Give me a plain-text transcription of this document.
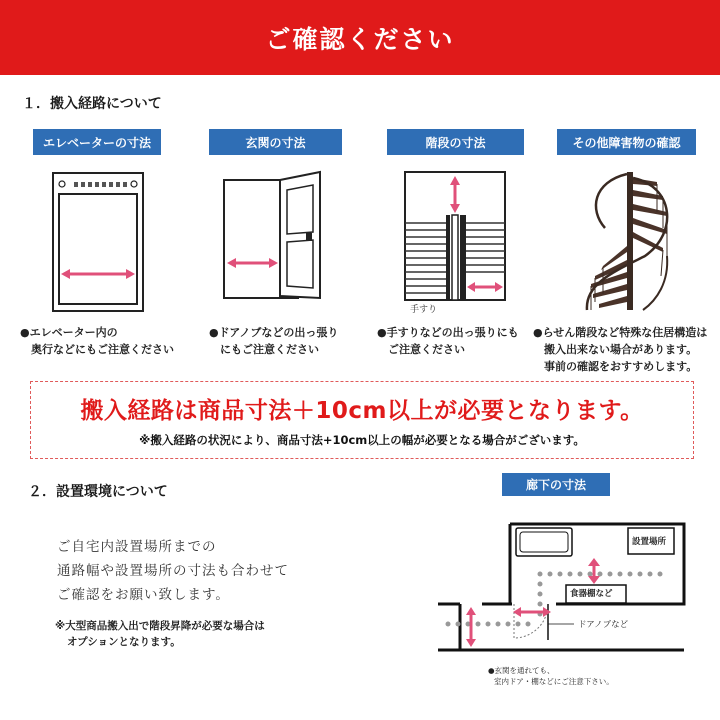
ご確認ください
１．搬入経路について
エレベーターの寸法	玄関の寸法	階段の寸法	その他障害物の確認
手すり
●エレベーター内の
奥行などにもご注意ください
●ドアノブなどの出っ張り
にもご注意ください
●手すりなどの出っ張りにも
ご注意ください
●らせん階段など特殊な住居構造は
搬入出来ない場合があります。
事前の確認をおすすめします。
搬入経路は商品寸法＋10cm以上が必要となります。
※搬入経路の状況により、商品寸法+10cm以上の幅が必要となる場合がございます。
２．設置環境について	廊下の寸法
ご自宅内設置場所までの
通路幅や設置場所の寸法も合わせて
ご確認をお願い致します。
※大型商品搬入出で階段昇降が必要な場合は
オプションとなります。
設置場所
食器棚など
ドアノブなど
●玄関を通れても、
室内ドア・棚などにご注意下さい。
